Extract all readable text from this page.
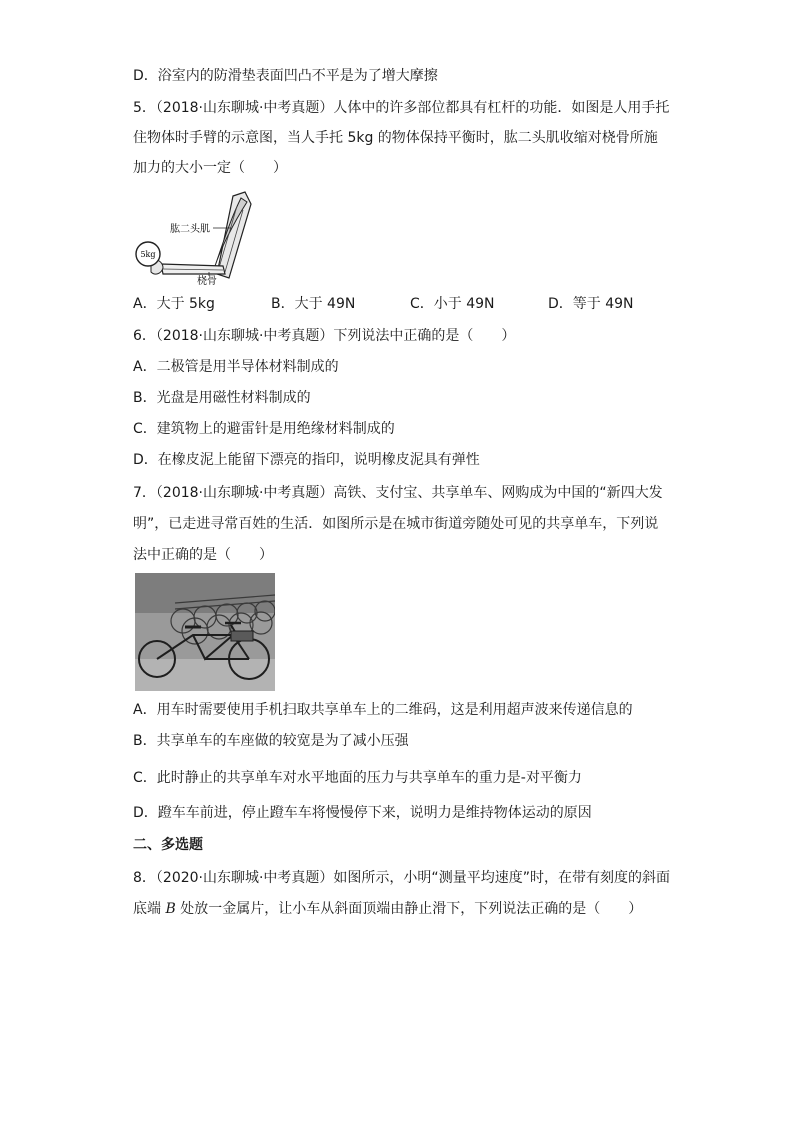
D．浴室内的防滑垫表面凹凸不平是为了增大摩擦
5．（2018·山东聊城·中考真题）人体中的许多部位都具有杠杆的功能．如图是人用手托
住物体时手臂的示意图，当人手托 5kg 的物体保持平衡时，肱二头肌收缩对桡骨所施
加力的大小一定（　　）
5kg
肱二头肌
桡骨
A．大于 5kg	B．大于 49N	C．小于 49N	D．等于 49N
6．（2018·山东聊城·中考真题）下列说法中正确的是（　　）
A．二极管是用半导体材料制成的
B．光盘是用磁性材料制成的
C．建筑物上的避雷针是用绝缘材料制成的
D．在橡皮泥上能留下漂亮的指印，说明橡皮泥具有弹性
7．（2018·山东聊城·中考真题）高铁、支付宝、共享单车、网购成为中国的“新四大发
明”，已走进寻常百姓的生活．如图所示是在城市街道旁随处可见的共享单车，下列说
法中正确的是（　　）
A．用车时需要使用手机扫取共享单车上的二维码，这是利用超声波来传递信息的
B．共享单车的车座做的较宽是为了减小压强
C．此时静止的共享单车对水平地面的压力与共享单车的重力是-对平衡力
D．蹬车车前进，停止蹬车车将慢慢停下来，说明力是维持物体运动的原因
二、多选题
8．（2020·山东聊城·中考真题）如图所示，小明“测量平均速度”时，在带有刻度的斜面
底端 B 处放一金属片，让小车从斜面顶端由静止滑下，下列说法正确的是（　　）
